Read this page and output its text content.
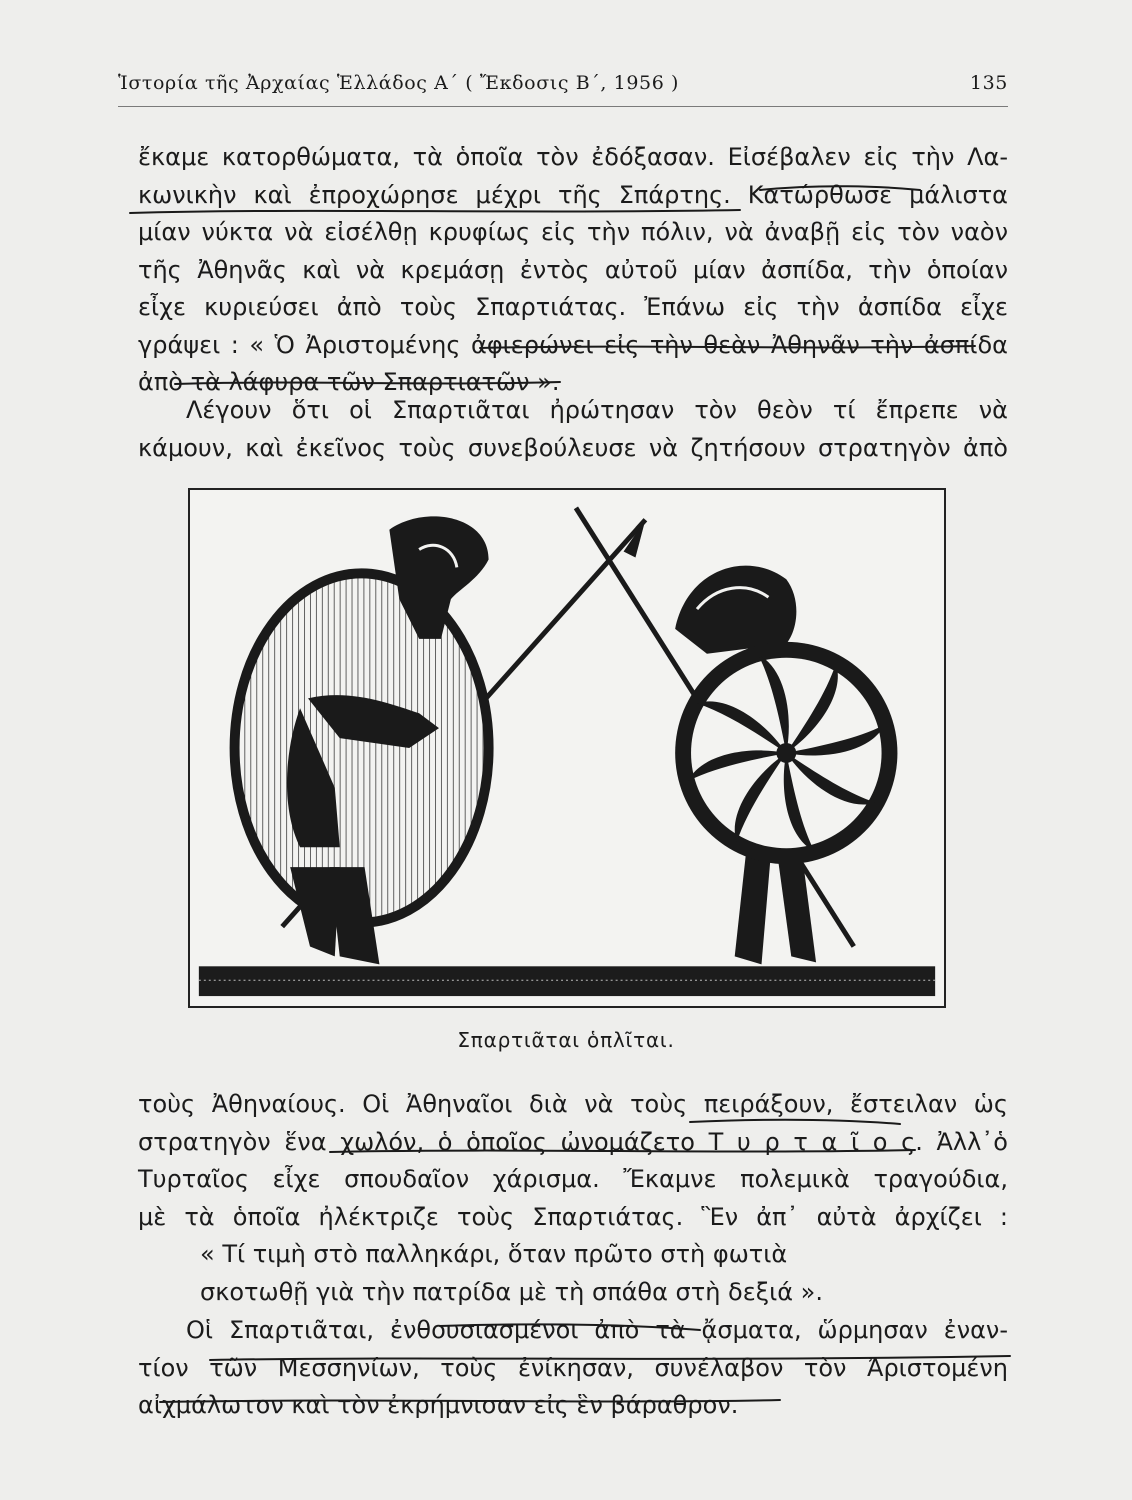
Ἱστορία τῆς Ἀρχαίας Ἑλλάδος Α΄ ( Ἔκδοσις Β΄, 1956 )	135
ἔκαμε κατορθώματα, τὰ ὁποῖα τὸν ἐδόξασαν. Εἰσέβαλεν εἰς τὴν Λα-
κωνικὴν καὶ ἐπροχώρησε μέχρι τῆς Σπάρτης. Κατώρθωσε μάλιστα
μίαν νύκτα νὰ εἰσέλθῃ κρυφίως εἰς τὴν πόλιν, νὰ ἀναβῇ εἰς τὸν ναὸν
τῆς Ἀθηνᾶς καὶ νὰ κρεμάσῃ ἐντὸς αὐτοῦ μίαν ἀσπίδα, τὴν ὁποίαν
εἶχε κυριεύσει ἀπὸ τοὺς Σπαρτιάτας. Ἐπάνω εἰς τὴν ἀσπίδα εἶχε
γράψει : « Ὁ Ἀριστομένης ἀφιερώνει εἰς τὴν θεὰν Ἀθηνᾶν τὴν ἀσπίδα
ἀπὸ τὰ λάφυρα τῶν Σπαρτιατῶν ».
Λέγουν ὅτι οἱ Σπαρτιᾶται ἠρώτησαν τὸν θεὸν τί ἔπρεπε νὰ
κάμουν, καὶ ἐκεῖνος τοὺς συνεβούλευσε νὰ ζητήσουν στρατηγὸν ἀπὸ
Σπαρτιᾶται ὁπλῖται.
τοὺς Ἀθηναίους. Οἱ Ἀθηναῖοι διὰ νὰ τοὺς πειράξουν, ἔστειλαν ὡς
στρατηγὸν ἕνα χωλόν, ὁ ὁποῖος ὠνομάζετο Τ υ ρ τ α ῖ ο ς. Ἀλλ᾽ὁ
Τυρταῖος εἶχε σπουδαῖον χάρισμα. Ἔκαμνε πολεμικὰ τραγούδια,
μὲ τὰ ὁποῖα ἠλέκτριζε τοὺς Σπαρτιάτας. Ἓν ἀπ᾽ αὐτὰ ἀρχίζει :
« Τί τιμὴ στὸ παλληκάρι, ὅταν πρῶτο στὴ φωτιὰ
σκοτωθῇ γιὰ τὴν πατρίδα μὲ τὴ σπάθα στὴ δεξιά ».
Οἱ Σπαρτιᾶται, ἐνθουσιασμένοι ἀπὸ τὰ ᾄσματα, ὥρμησαν ἐναν-
τίον τῶν Μεσσηνίων, τοὺς ἐνίκησαν, συνέλαβον τὸν Ἀριστομένη
αἰχμάλωτον καὶ τὸν ἐκρήμνισαν εἰς ἓν βάραθρον.
